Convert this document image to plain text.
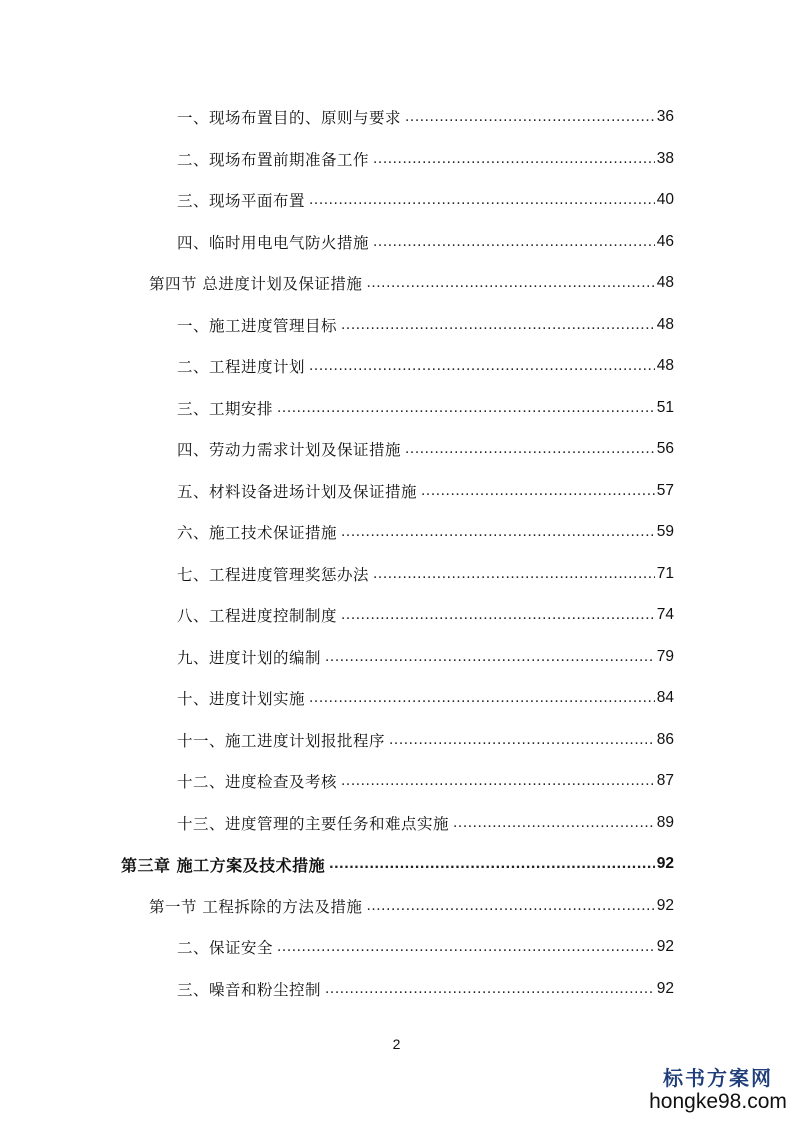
一、现场布置目的、原则与要求 .....	36
二、现场布置前期准备工作 .....	38
三、现场平面布置 .....	40
四、临时用电电气防火措施 .....	46
第四节 总进度计划及保证措施 .....	48
一、施工进度管理目标 .....	48
二、工程进度计划 .....	48
三、工期安排 .....	51
四、劳动力需求计划及保证措施 .....	56
五、材料设备进场计划及保证措施 .....	57
六、施工技术保证措施 .....	59
七、工程进度管理奖惩办法 .....	71
八、工程进度控制制度 .....	74
九、进度计划的编制 .....	79
十、进度计划实施 .....	84
十一、施工进度计划报批程序 .....	86
十二、进度检查及考核 .....	87
十三、进度管理的主要任务和难点实施 .....	89
第三章 施工方案及技术措施 .....	92
第一节 工程拆除的方法及措施 .....	92
二、保证安全 .....	92
三、噪音和粉尘控制 .....	92
2
标书方案网
hongke98.com
